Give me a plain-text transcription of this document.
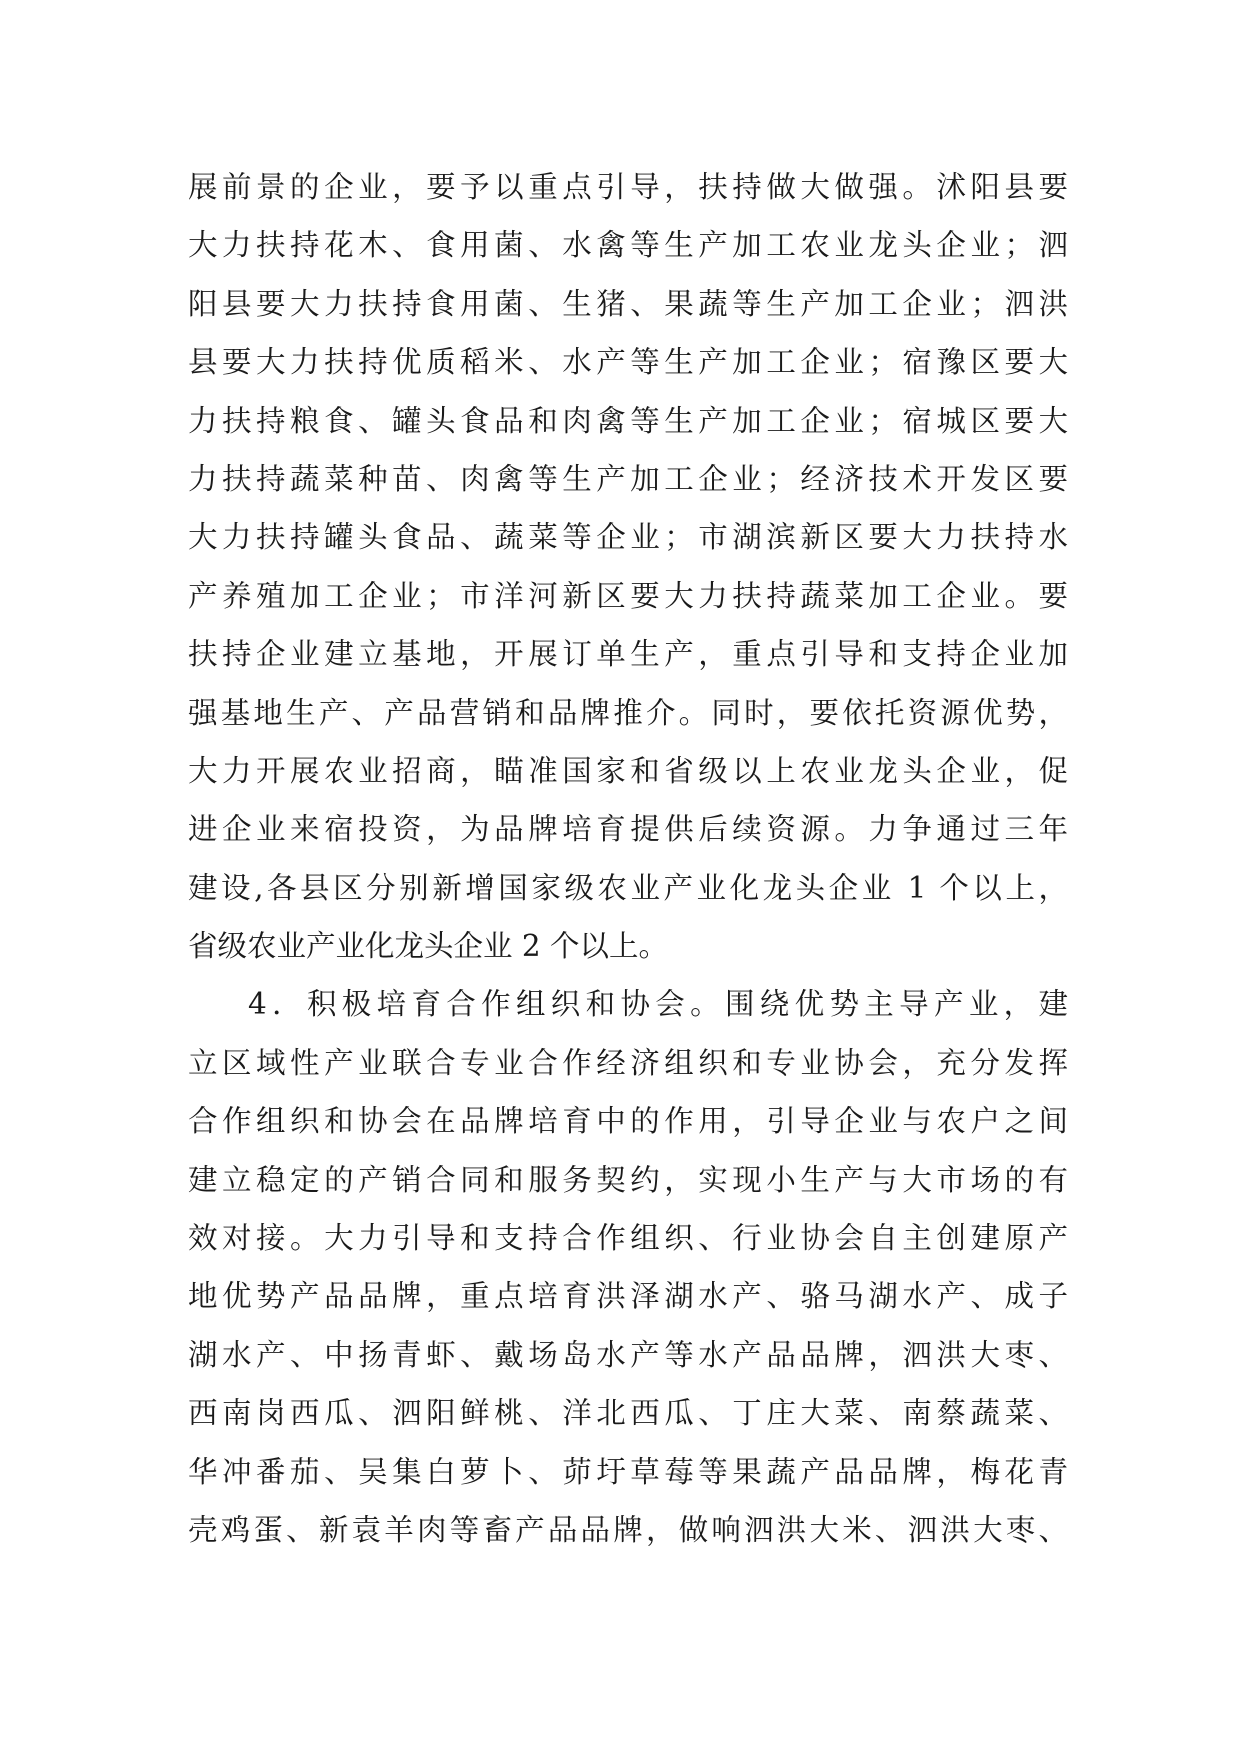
展前景的企业，要予以重点引导，扶持做大做强。沭阳县要
大力扶持花木、食用菌、水禽等生产加工农业龙头企业；泗
阳县要大力扶持食用菌、生猪、果蔬等生产加工企业；泗洪
县要大力扶持优质稻米、水产等生产加工企业；宿豫区要大
力扶持粮食、罐头食品和肉禽等生产加工企业；宿城区要大
力扶持蔬菜种苗、肉禽等生产加工企业；经济技术开发区要
大力扶持罐头食品、蔬菜等企业；市湖滨新区要大力扶持水
产养殖加工企业；市洋河新区要大力扶持蔬菜加工企业。要
扶持企业建立基地，开展订单生产，重点引导和支持企业加
强基地生产、产品营销和品牌推介。同时，要依托资源优势，
大力开展农业招商，瞄准国家和省级以上农业龙头企业，促
进企业来宿投资，为品牌培育提供后续资源。力争通过三年
建设,各县区分别新增国家级农业产业化龙头企业 1 个以上，
省级农业产业化龙头企业 2 个以上。
4．积极培育合作组织和协会。围绕优势主导产业，建
立区域性产业联合专业合作经济组织和专业协会，充分发挥
合作组织和协会在品牌培育中的作用，引导企业与农户之间
建立稳定的产销合同和服务契约，实现小生产与大市场的有
效对接。大力引导和支持合作组织、行业协会自主创建原产
地优势产品品牌，重点培育洪泽湖水产、骆马湖水产、成子
湖水产、中扬青虾、戴场岛水产等水产品品牌，泗洪大枣、
西南岗西瓜、泗阳鲜桃、洋北西瓜、丁庄大菜、南蔡蔬菜、
华冲番茄、吴集白萝卜、茆圩草莓等果蔬产品品牌，梅花青
壳鸡蛋、新袁羊肉等畜产品品牌，做响泗洪大米、泗洪大枣、
